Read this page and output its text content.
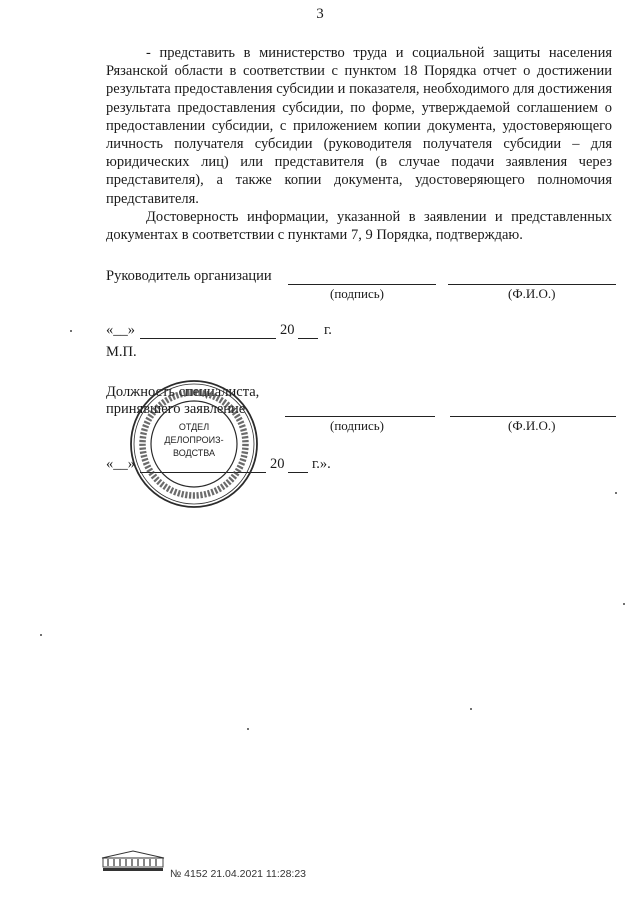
3

- представить в министерство труда и социальной защиты населения Рязанской области в соответствии с пунктом 18 Порядка отчет о достижении результата предоставления субсидии и показателя, необходимого для достижения результата предоставления субсидии, по форме, утверждаемой соглашением о предоставлении субсидии, с приложением копии документа, удостоверяющего личность получателя субсидии (руководителя получателя субсидии – для юридических лиц) или представителя (в случае подачи заявления через представителя), а также копии документа, удостоверяющего полномочия представителя.

Достоверность информации, указанной в заявлении и представленных документах в соответствии с пунктами 7, 9 Порядка, подтверждаю.

Руководитель организации
(подпись)	(Ф.И.О.)
«__»	20 г.
М.П.
Должность специалиста,
принявшего заявление
(подпись)	(Ф.И.О.)
«__»	20 г.».
ОТДЕЛ
ДЕЛОПРОИЗ-
ВОДСТВА
№ 4152 21.04.2021 11:28:23
